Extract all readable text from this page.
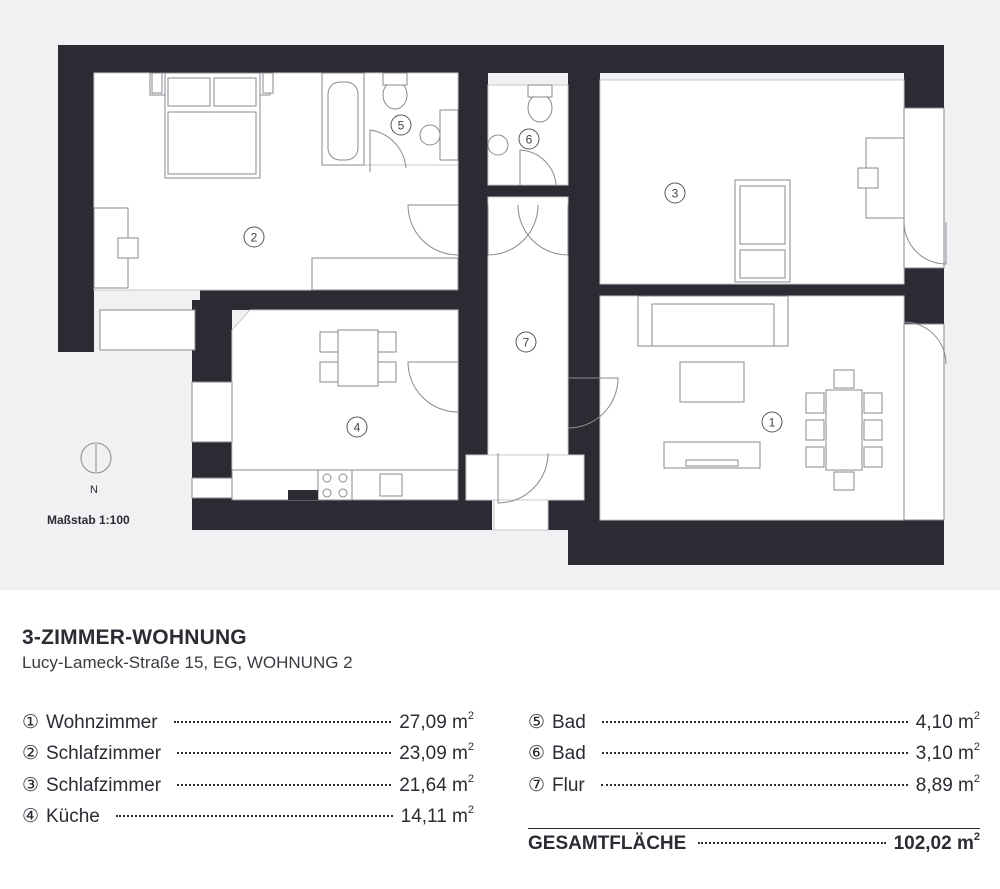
1
2
3
4
5
6
7
N
Maßstab 1:100
3-ZIMMER-WOHNUNG
Lucy-Lameck-Straße 15, EG, WOHNUNG 2
① Wohnzimmer	27,09 $m^2$
② Schlafzimmer	23,09 $m^2$
③ Schlafzimmer	21,64 $m^2$
④ Küche	14,11 $m^2$
⑤ Bad	4,10 $m^2$
⑥ Bad	3,10 $m^2$
⑦ Flur	8,89 $m^2$
GESAMTFLÄCHE	102,02 $m^2$
